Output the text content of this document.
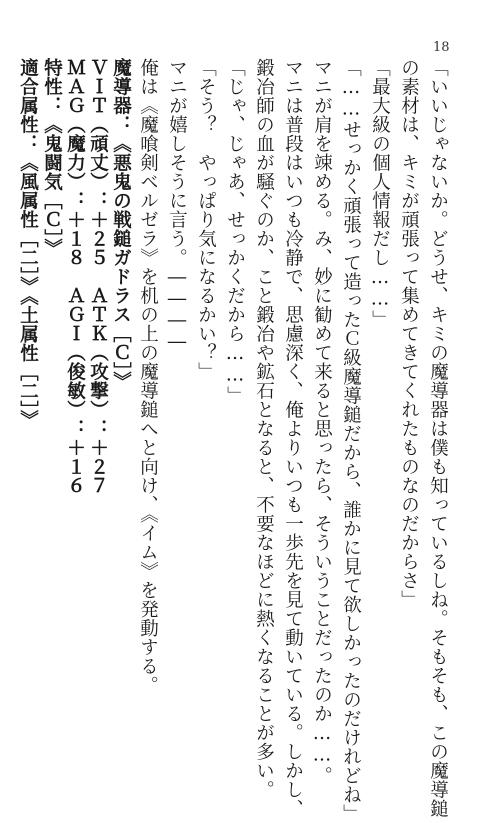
18
「いいじゃないか。どうせ、キミの魔導器は僕も知っているしね。そもそも、この魔導鎚
の素材は、キミが頑張って集めてきてくれたものなのだからさ」
「最大級の個人情報だし……」
「……せっかく頑張って造ったＣ級魔導鎚だから、誰かに見て欲しかったのだけれどね」
マニが肩を竦める。み、妙に勧めて来ると思ったら、そういうことだったのか……。
マニは普段はいつも冷静で、思慮深く、俺よりいつも一歩先を見て動いている。しかし、
鍛冶師の血が騒ぐのか、こと鍛冶や鉱石となると、不要なほどに熱くなることが多い。
「じゃ、じゃあ、せっかくだから……」
「そう？　やっぱり気になるかい？」
マニが嬉しそうに言う。――――
俺は《魔喰剣ベルゼラ》を机の上の魔導鎚へと向け、《イム》を発動する。
魔導器：《悪鬼の戦鎚ガドラス［Ｃ］》
ＶＩＴ（頑丈）：＋２５　ＡＴＫ（攻撃）：＋２７
ＭＡＧ（魔力）：＋１８　ＡＧＩ（俊敏）：＋１６
特性：《鬼闘気［Ｃ］》
適合属性：《風属性［二］》《土属性［二］》
